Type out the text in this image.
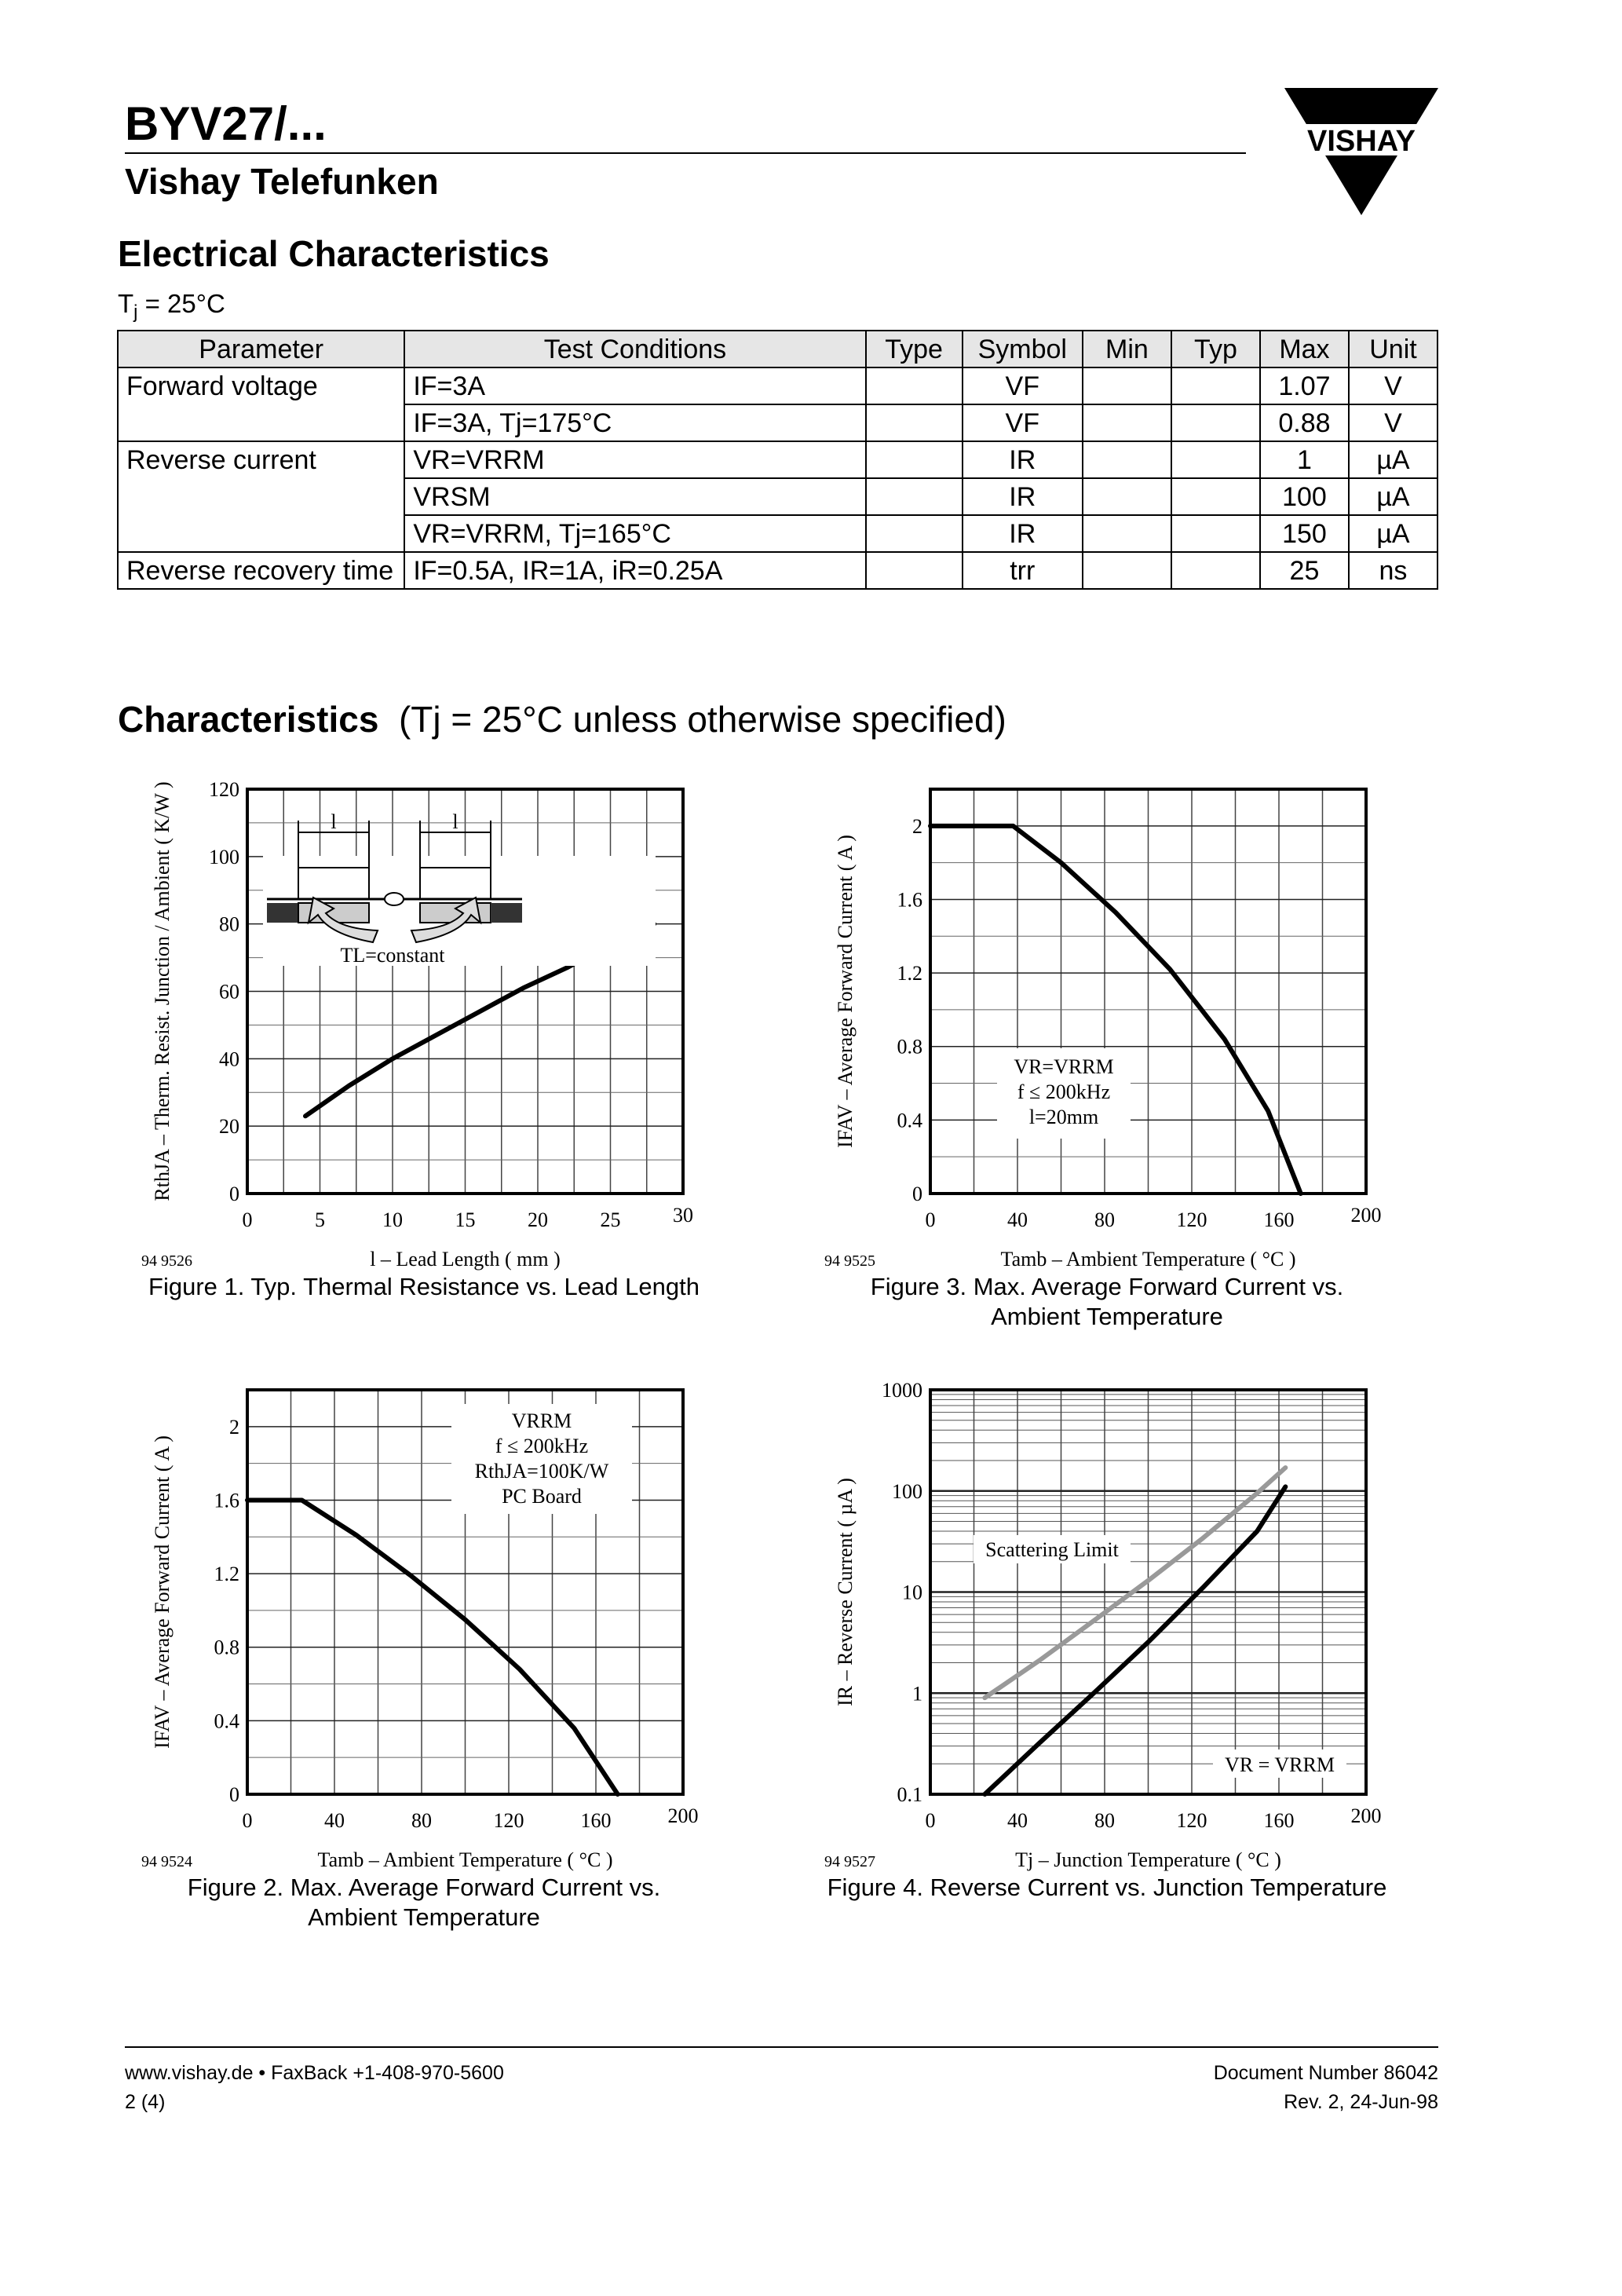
BYV27/...
Vishay Telefunken
VISHAY
Electrical Characteristics
$T_j = 25^\circ C$
Parameter	Test Conditions	Type	Symbol	Min	Typ	Max	Unit
Forward voltage	IF=3A		VF			1.07	V
	IF=3A, Tj=175°C		VF			0.88	V
Reverse current	VR=VRRM		IR			1	µA
	VRSM		IR			100	µA
	VR=VRRM, Tj=165°C		IR			150	µA
Reverse recovery time	IF=0.5A, IR=1A, iR=0.25A		trr			25	ns
Characteristics (Tj = 25°C unless otherwise specified)
0	5	10	15	20	25	30
0
20
40
60
80
100
120
l – Lead Length ( mm )
RthJA – Therm. Resist. Junction / Ambient ( K/W )
94 9526
l	l
TL=constant
Figure 1. Typ. Thermal Resistance vs. Lead Length
0	40	80	120	160	200
0
0.4
0.8
1.2
1.6
2
Tamb – Ambient Temperature ( °C )
IFAV – Average Forward Current ( A )
94 9525
VR=VRRM
f ≤ 200kHz
l=20mm
Figure 3. Max. Average Forward Current vs. Ambient Temperature
0	40	80	120	160	200
0
0.4
0.8
1.2
1.6
2
Tamb – Ambient Temperature ( °C )
IFAV – Average Forward Current ( A )
94 9524
VRRM
f ≤ 200kHz
RthJA=100K/W
PC Board
Figure 2. Max. Average Forward Current vs. Ambient Temperature
0	40	80	120	160	200
0.1
1
10
100
1000
Tj – Junction Temperature ( °C )
IR – Reverse Current ( µA )
94 9527
Scattering Limit
VR = VRRM
Figure 4. Reverse Current vs. Junction Temperature
www.vishay.de • FaxBack +1-408-970-5600
2 (4)
Document Number 86042
Rev. 2, 24-Jun-98
